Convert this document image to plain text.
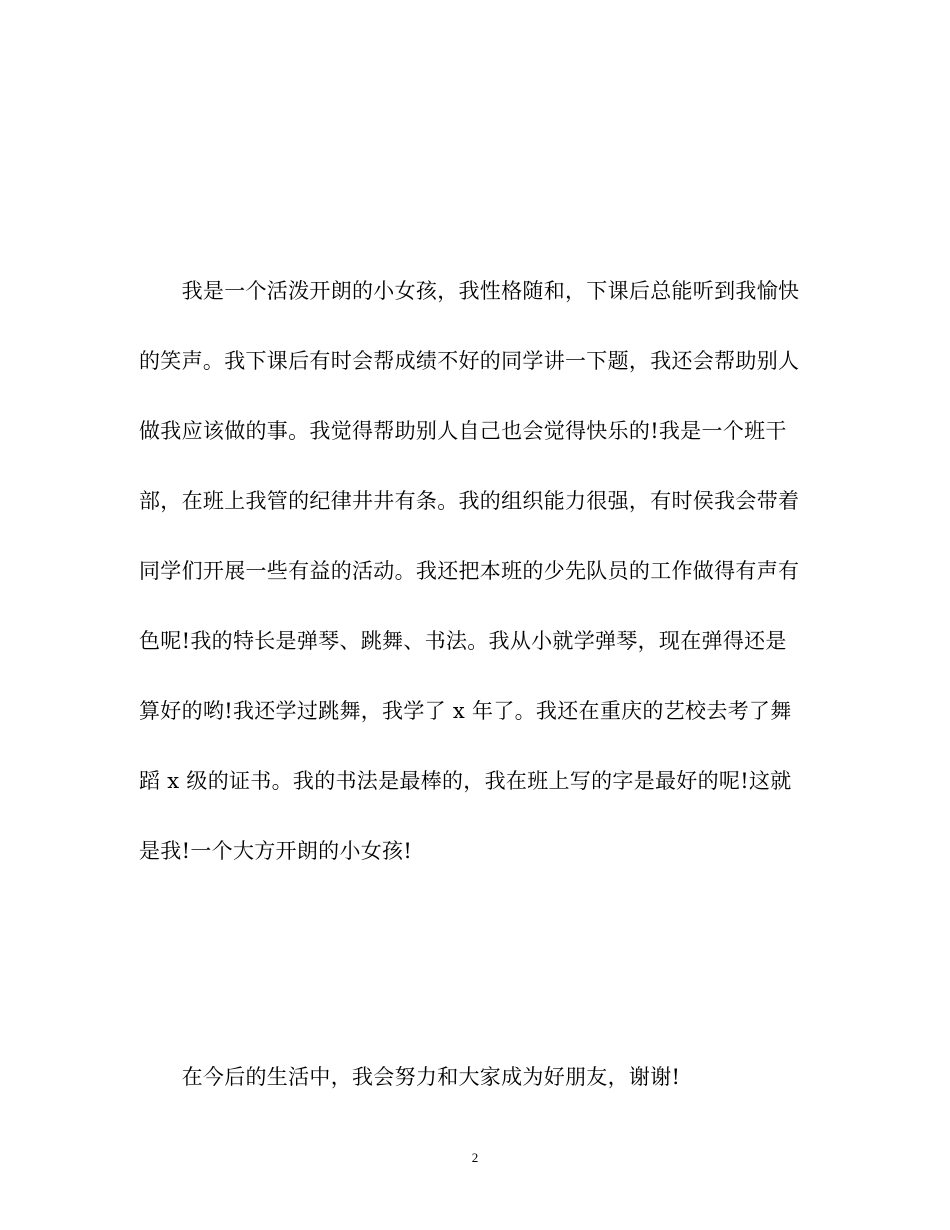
　　我是一个活泼开朗的小女孩，我性格随和，下课后总能听到我愉快
的笑声。我下课后有时会帮成绩不好的同学讲一下题，我还会帮助别人
做我应该做的事。我觉得帮助别人自己也会觉得快乐的!我是一个班干
部，在班上我管的纪律井井有条。我的组织能力很强，有时侯我会带着
同学们开展一些有益的活动。我还把本班的少先队员的工作做得有声有
色呢!我的特长是弹琴、跳舞、书法。我从小就学弹琴，现在弹得还是
算好的哟!我还学过跳舞，我学了 x 年了。我还在重庆的艺校去考了舞
蹈 x 级的证书。我的书法是最棒的，我在班上写的字是最好的呢!这就
是我!一个大方开朗的小女孩!
　　在今后的生活中，我会努力和大家成为好朋友，谢谢!
2
